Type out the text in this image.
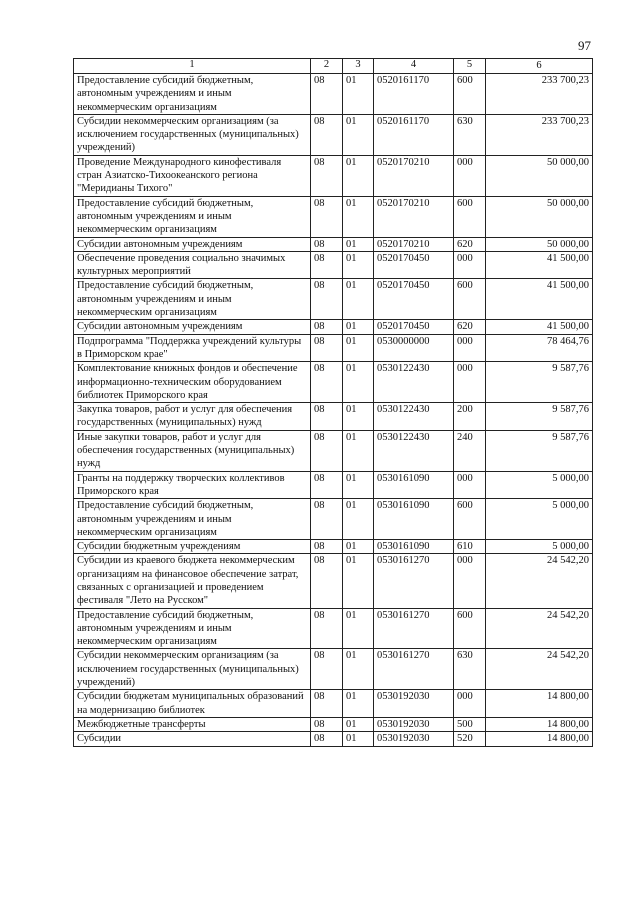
97
1	2	3	4	5	6
Предоставление субсидий бюджетным, автономным учреждениям и иным некоммерческим организациям	08	01	0520161170	600	233 700,23
Субсидии некоммерческим организациям (за исключением государственных (муниципальных) учреждений)	08	01	0520161170	630	233 700,23
Проведение Международного кинофестиваля стран Азиатско-Тихоокеанского региона "Меридианы Тихого"	08	01	0520170210	000	50 000,00
Предоставление субсидий бюджетным, автономным учреждениям и иным некоммерческим организациям	08	01	0520170210	600	50 000,00
Субсидии автономным учреждениям	08	01	0520170210	620	50 000,00
Обеспечение проведения социально значимых культурных мероприятий	08	01	0520170450	000	41 500,00
Предоставление субсидий бюджетным, автономным учреждениям и иным некоммерческим организациям	08	01	0520170450	600	41 500,00
Субсидии автономным учреждениям	08	01	0520170450	620	41 500,00
Подпрограмма "Поддержка учреждений культуры в Приморском крае"	08	01	0530000000	000	78 464,76
Комплектование книжных фондов и обеспечение информационно-техническим оборудованием библиотек Приморского края	08	01	0530122430	000	9 587,76
Закупка товаров, работ и услуг для обеспечения государственных (муниципальных) нужд	08	01	0530122430	200	9 587,76
Иные закупки товаров, работ и услуг для обеспечения государственных (муниципальных) нужд	08	01	0530122430	240	9 587,76
Гранты на поддержку творческих коллективов Приморского края	08	01	0530161090	000	5 000,00
Предоставление субсидий бюджетным, автономным учреждениям и иным некоммерческим организациям	08	01	0530161090	600	5 000,00
Субсидии бюджетным учреждениям	08	01	0530161090	610	5 000,00
Субсидии из краевого бюджета некоммерческим организациям на финансовое обеспечение затрат, связанных с организацией и проведением фестиваля "Лето на Русском"	08	01	0530161270	000	24 542,20
Предоставление субсидий бюджетным, автономным учреждениям и иным некоммерческим организациям	08	01	0530161270	600	24 542,20
Субсидии некоммерческим организациям (за исключением государственных (муниципальных) учреждений)	08	01	0530161270	630	24 542,20
Субсидии бюджетам муниципальных образований на модернизацию библиотек	08	01	0530192030	000	14 800,00
Межбюджетные трансферты	08	01	0530192030	500	14 800,00
Субсидии	08	01	0530192030	520	14 800,00
